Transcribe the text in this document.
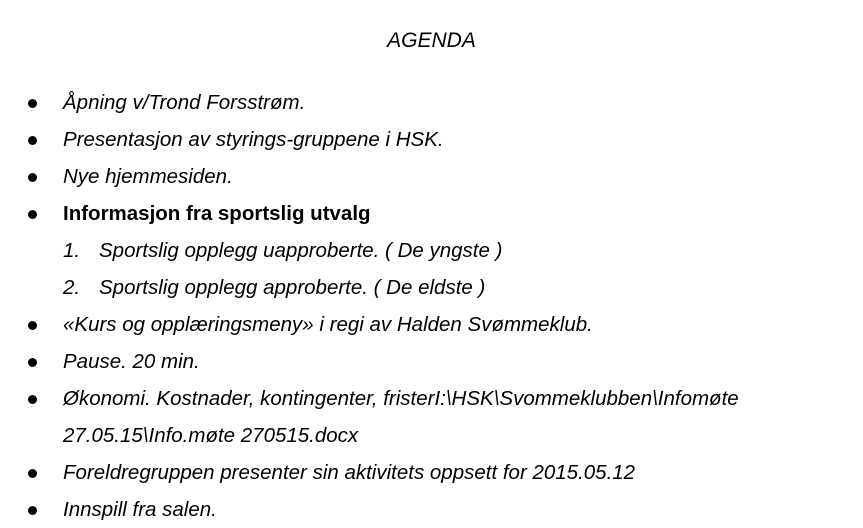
AGENDA
Åpning v/Trond Forsstrøm.
Presentasjon av styrings-gruppene i HSK.
Nye hjemmesiden.
Informasjon fra sportslig utvalg
1. Sportslig opplegg uapproberte. ( De yngste )
2. Sportslig opplegg approberte. ( De eldste )
«Kurs og opplæringsmeny» i regi av Halden Svømmeklub.
Pause. 20 min.
Økonomi. Kostnader, kontingenter, fristerI:\HSK\Svommeklubben\Infomøte
27.05.15\Info.møte 270515.docx
Foreldregruppen presenter sin aktivitets oppsett for 2015.05.12
Innspill fra salen.
